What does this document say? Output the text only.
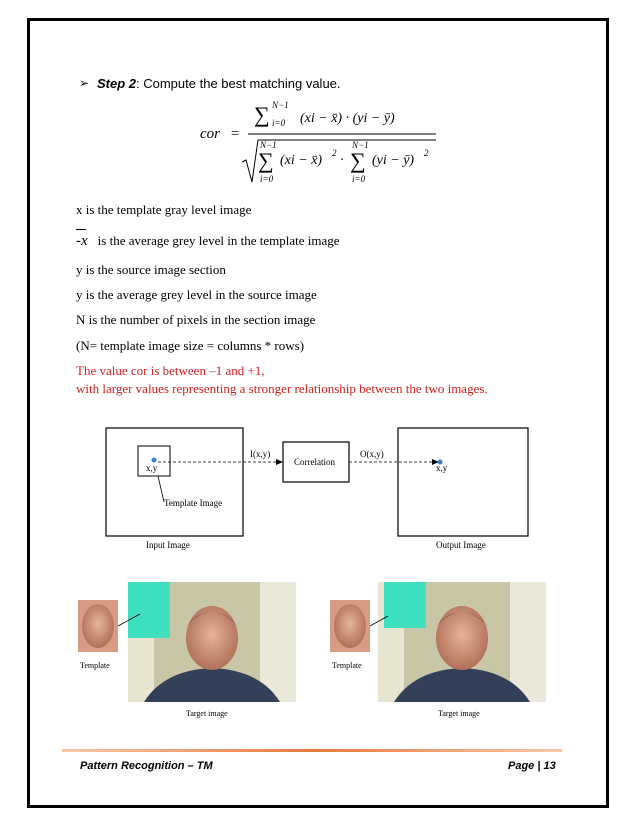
➢ Step 2: Compute the best matching value.
cor =
∑ N−1
i=0 (xi − x̄) · (yi − ȳ)
N−1
∑
i=0
(xi − x̄) 2 ·
N−1
∑
i=0
(yi − ȳ) 2
x is the template gray level image
-x is the average grey level in the template image
y is the source image section
y is the average grey level in the source image
N is the number of pixels in the section image
(N= template image size = columns * rows)
The value cor is between –1 and +1,
with larger values representing a stronger relationship between the two images.
x,y
Template Image
Input Image
I(x,y)
Correlation
O(x,y)
x,y
Output Image
Template
Target image
Template
Target image
Pattern Recognition – TM	Page | 13
